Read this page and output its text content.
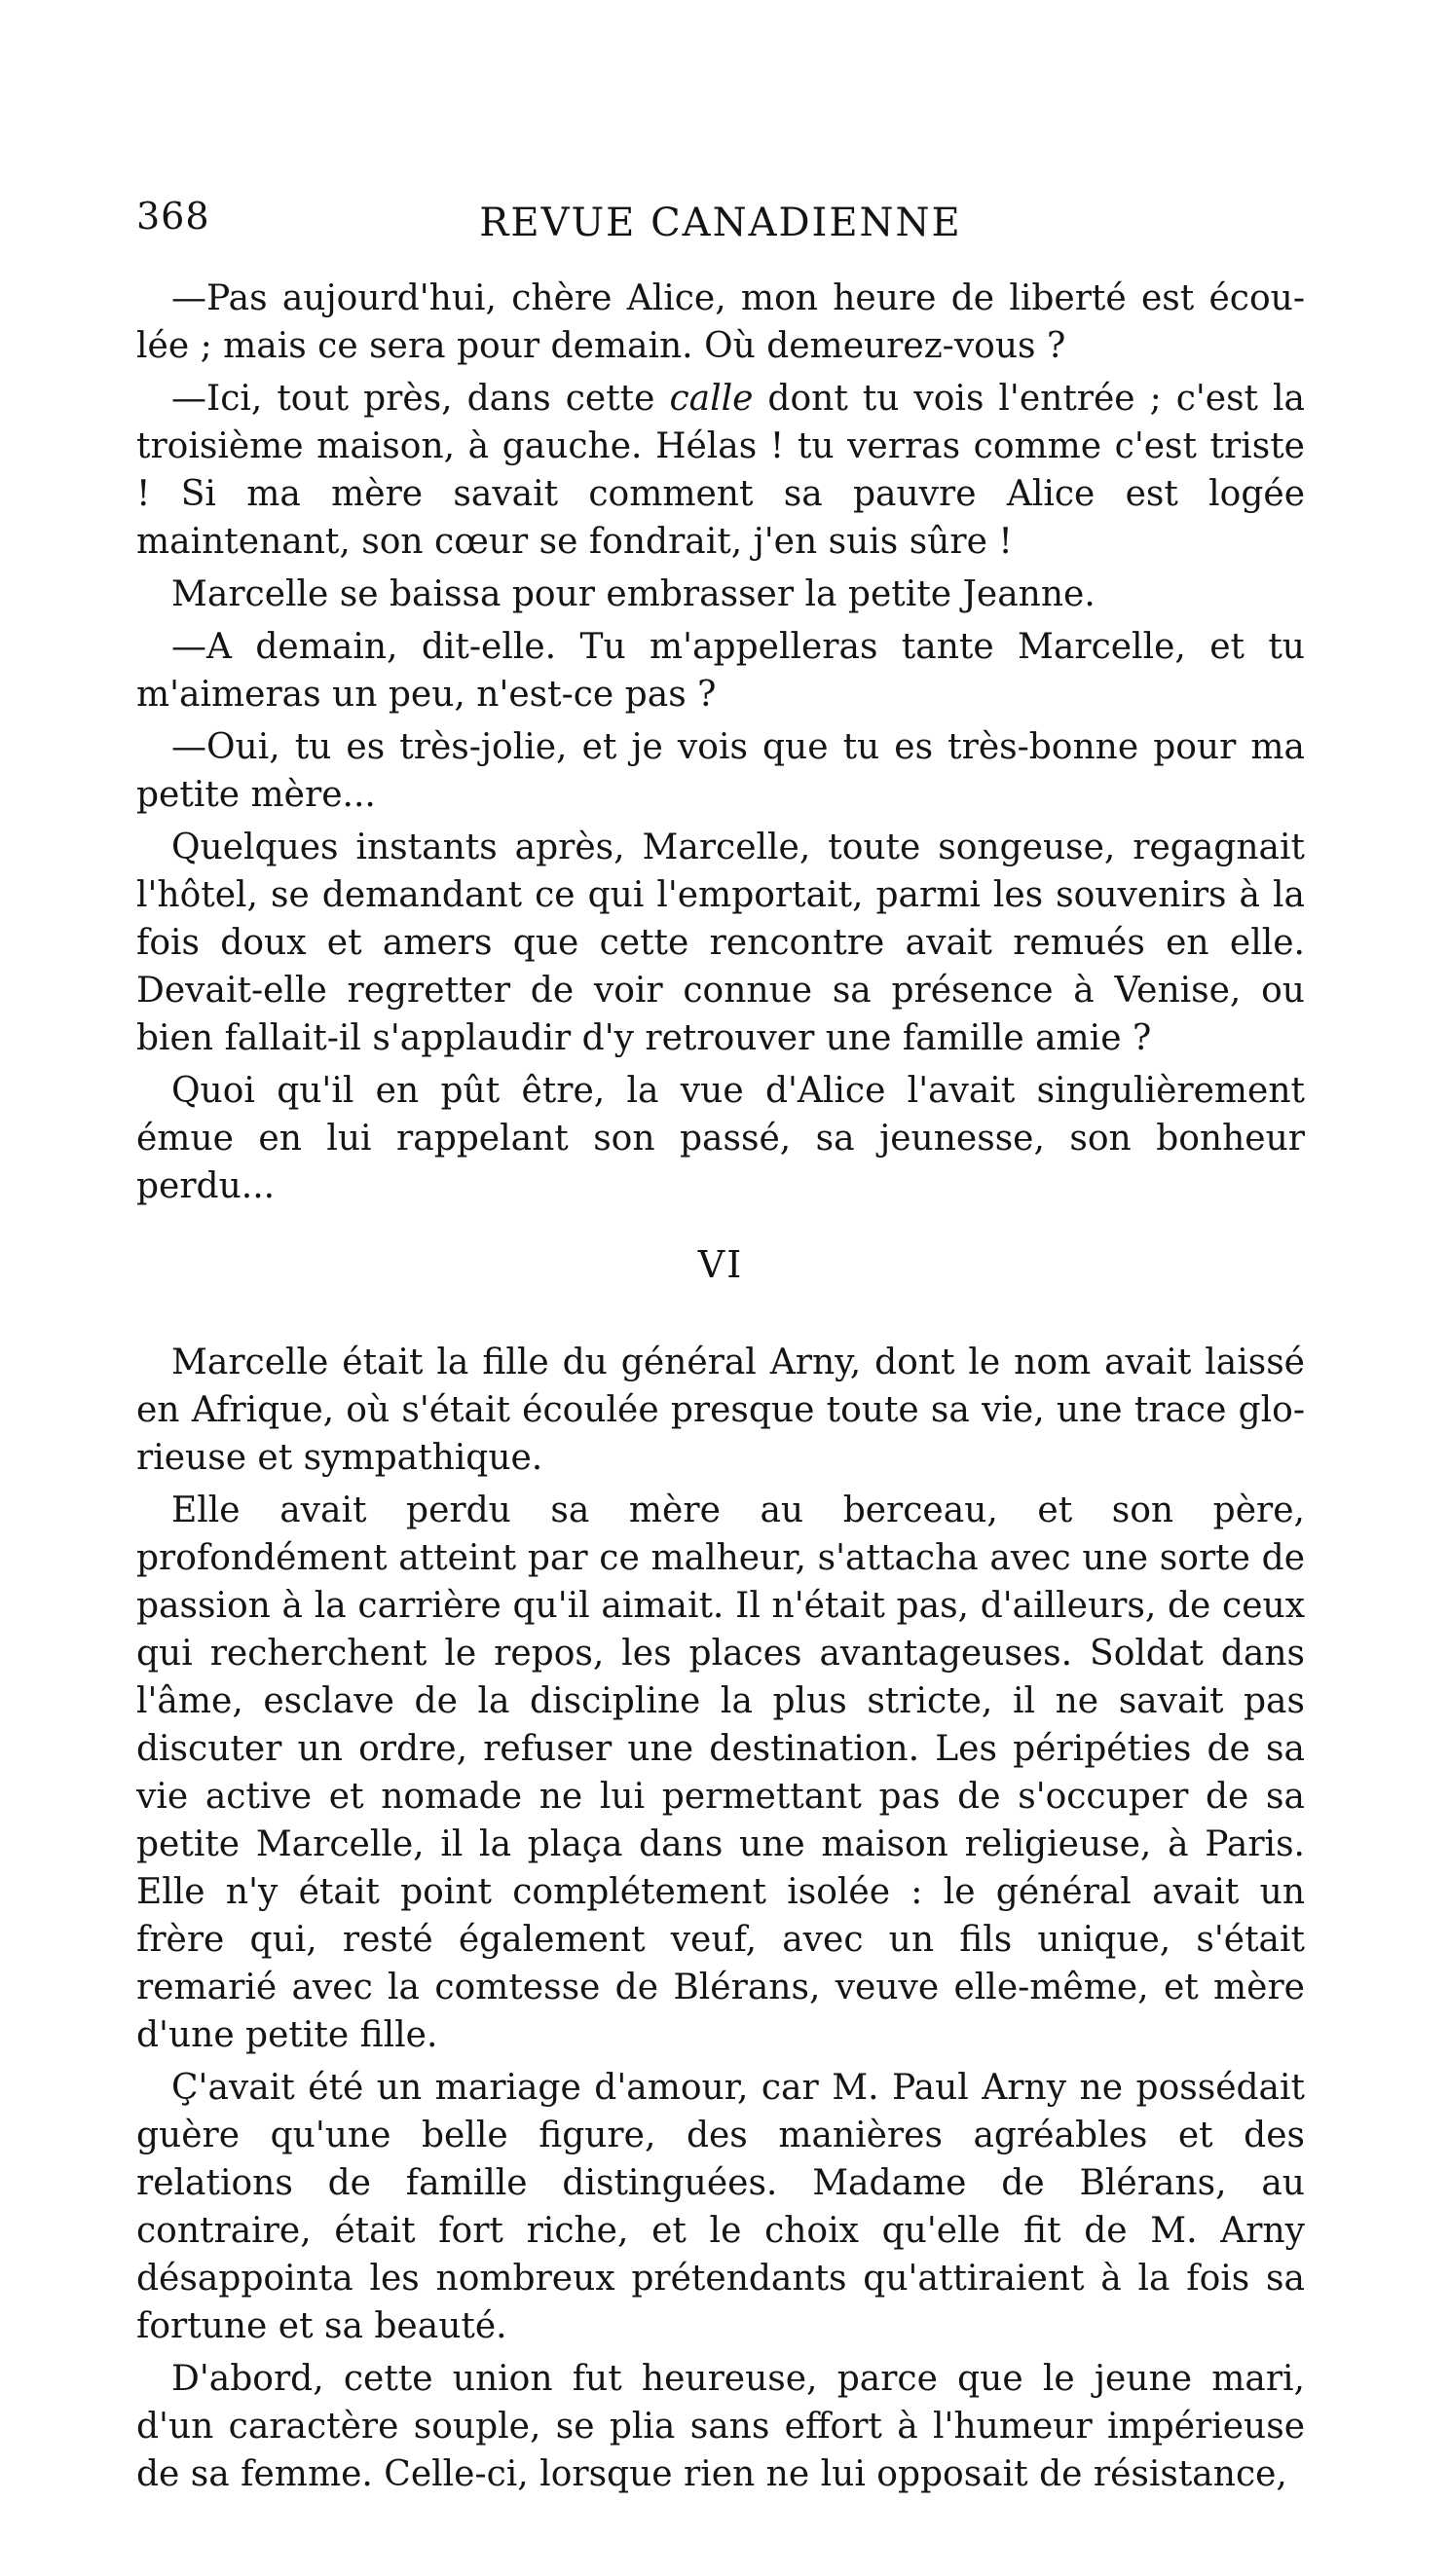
368	REVUE CANADIENNE

—Pas aujourd'hui, chère Alice, mon heure de liberté est écoulée ; mais ce sera pour demain. Où demeurez-vous ?

—Ici, tout près, dans cette calle dont tu vois l'entrée ; c'est la troisième maison, à gauche. Hélas ! tu verras comme c'est triste ! Si ma mère savait comment sa pauvre Alice est logée maintenant, son cœur se fondrait, j'en suis sûre !

Marcelle se baissa pour embrasser la petite Jeanne.

—A demain, dit-elle. Tu m'appelleras tante Marcelle, et tu m'aimeras un peu, n'est-ce pas ?

—Oui, tu es très-jolie, et je vois que tu es très-bonne pour ma petite mère...

Quelques instants après, Marcelle, toute songeuse, regagnait l'hôtel, se demandant ce qui l'emportait, parmi les souvenirs à la fois doux et amers que cette rencontre avait remués en elle. Devait-elle regretter de voir connue sa présence à Venise, ou bien fallait-il s'applaudir d'y retrouver une famille amie ?

Quoi qu'il en pût être, la vue d'Alice l'avait singulièrement émue en lui rappelant son passé, sa jeunesse, son bonheur perdu...

VI

Marcelle était la fille du général Arny, dont le nom avait laissé en Afrique, où s'était écoulée presque toute sa vie, une trace glorieuse et sympathique.

Elle avait perdu sa mère au berceau, et son père, profondément atteint par ce malheur, s'attacha avec une sorte de passion à la carrière qu'il aimait. Il n'était pas, d'ailleurs, de ceux qui recherchent le repos, les places avantageuses. Soldat dans l'âme, esclave de la discipline la plus stricte, il ne savait pas discuter un ordre, refuser une destination. Les péripéties de sa vie active et nomade ne lui permettant pas de s'occuper de sa petite Marcelle, il la plaça dans une maison religieuse, à Paris. Elle n'y était point complétement isolée : le général avait un frère qui, resté également veuf, avec un fils unique, s'était remarié avec la comtesse de Blérans, veuve elle-même, et mère d'une petite fille.

Ç'avait été un mariage d'amour, car M. Paul Arny ne possédait guère qu'une belle figure, des manières agréables et des relations de famille distinguées. Madame de Blérans, au contraire, était fort riche, et le choix qu'elle fit de M. Arny désappointa les nombreux prétendants qu'attiraient à la fois sa fortune et sa beauté.

D'abord, cette union fut heureuse, parce que le jeune mari, d'un caractère souple, se plia sans effort à l'humeur impérieuse de sa femme. Celle-ci, lorsque rien ne lui opposait de résistance,
